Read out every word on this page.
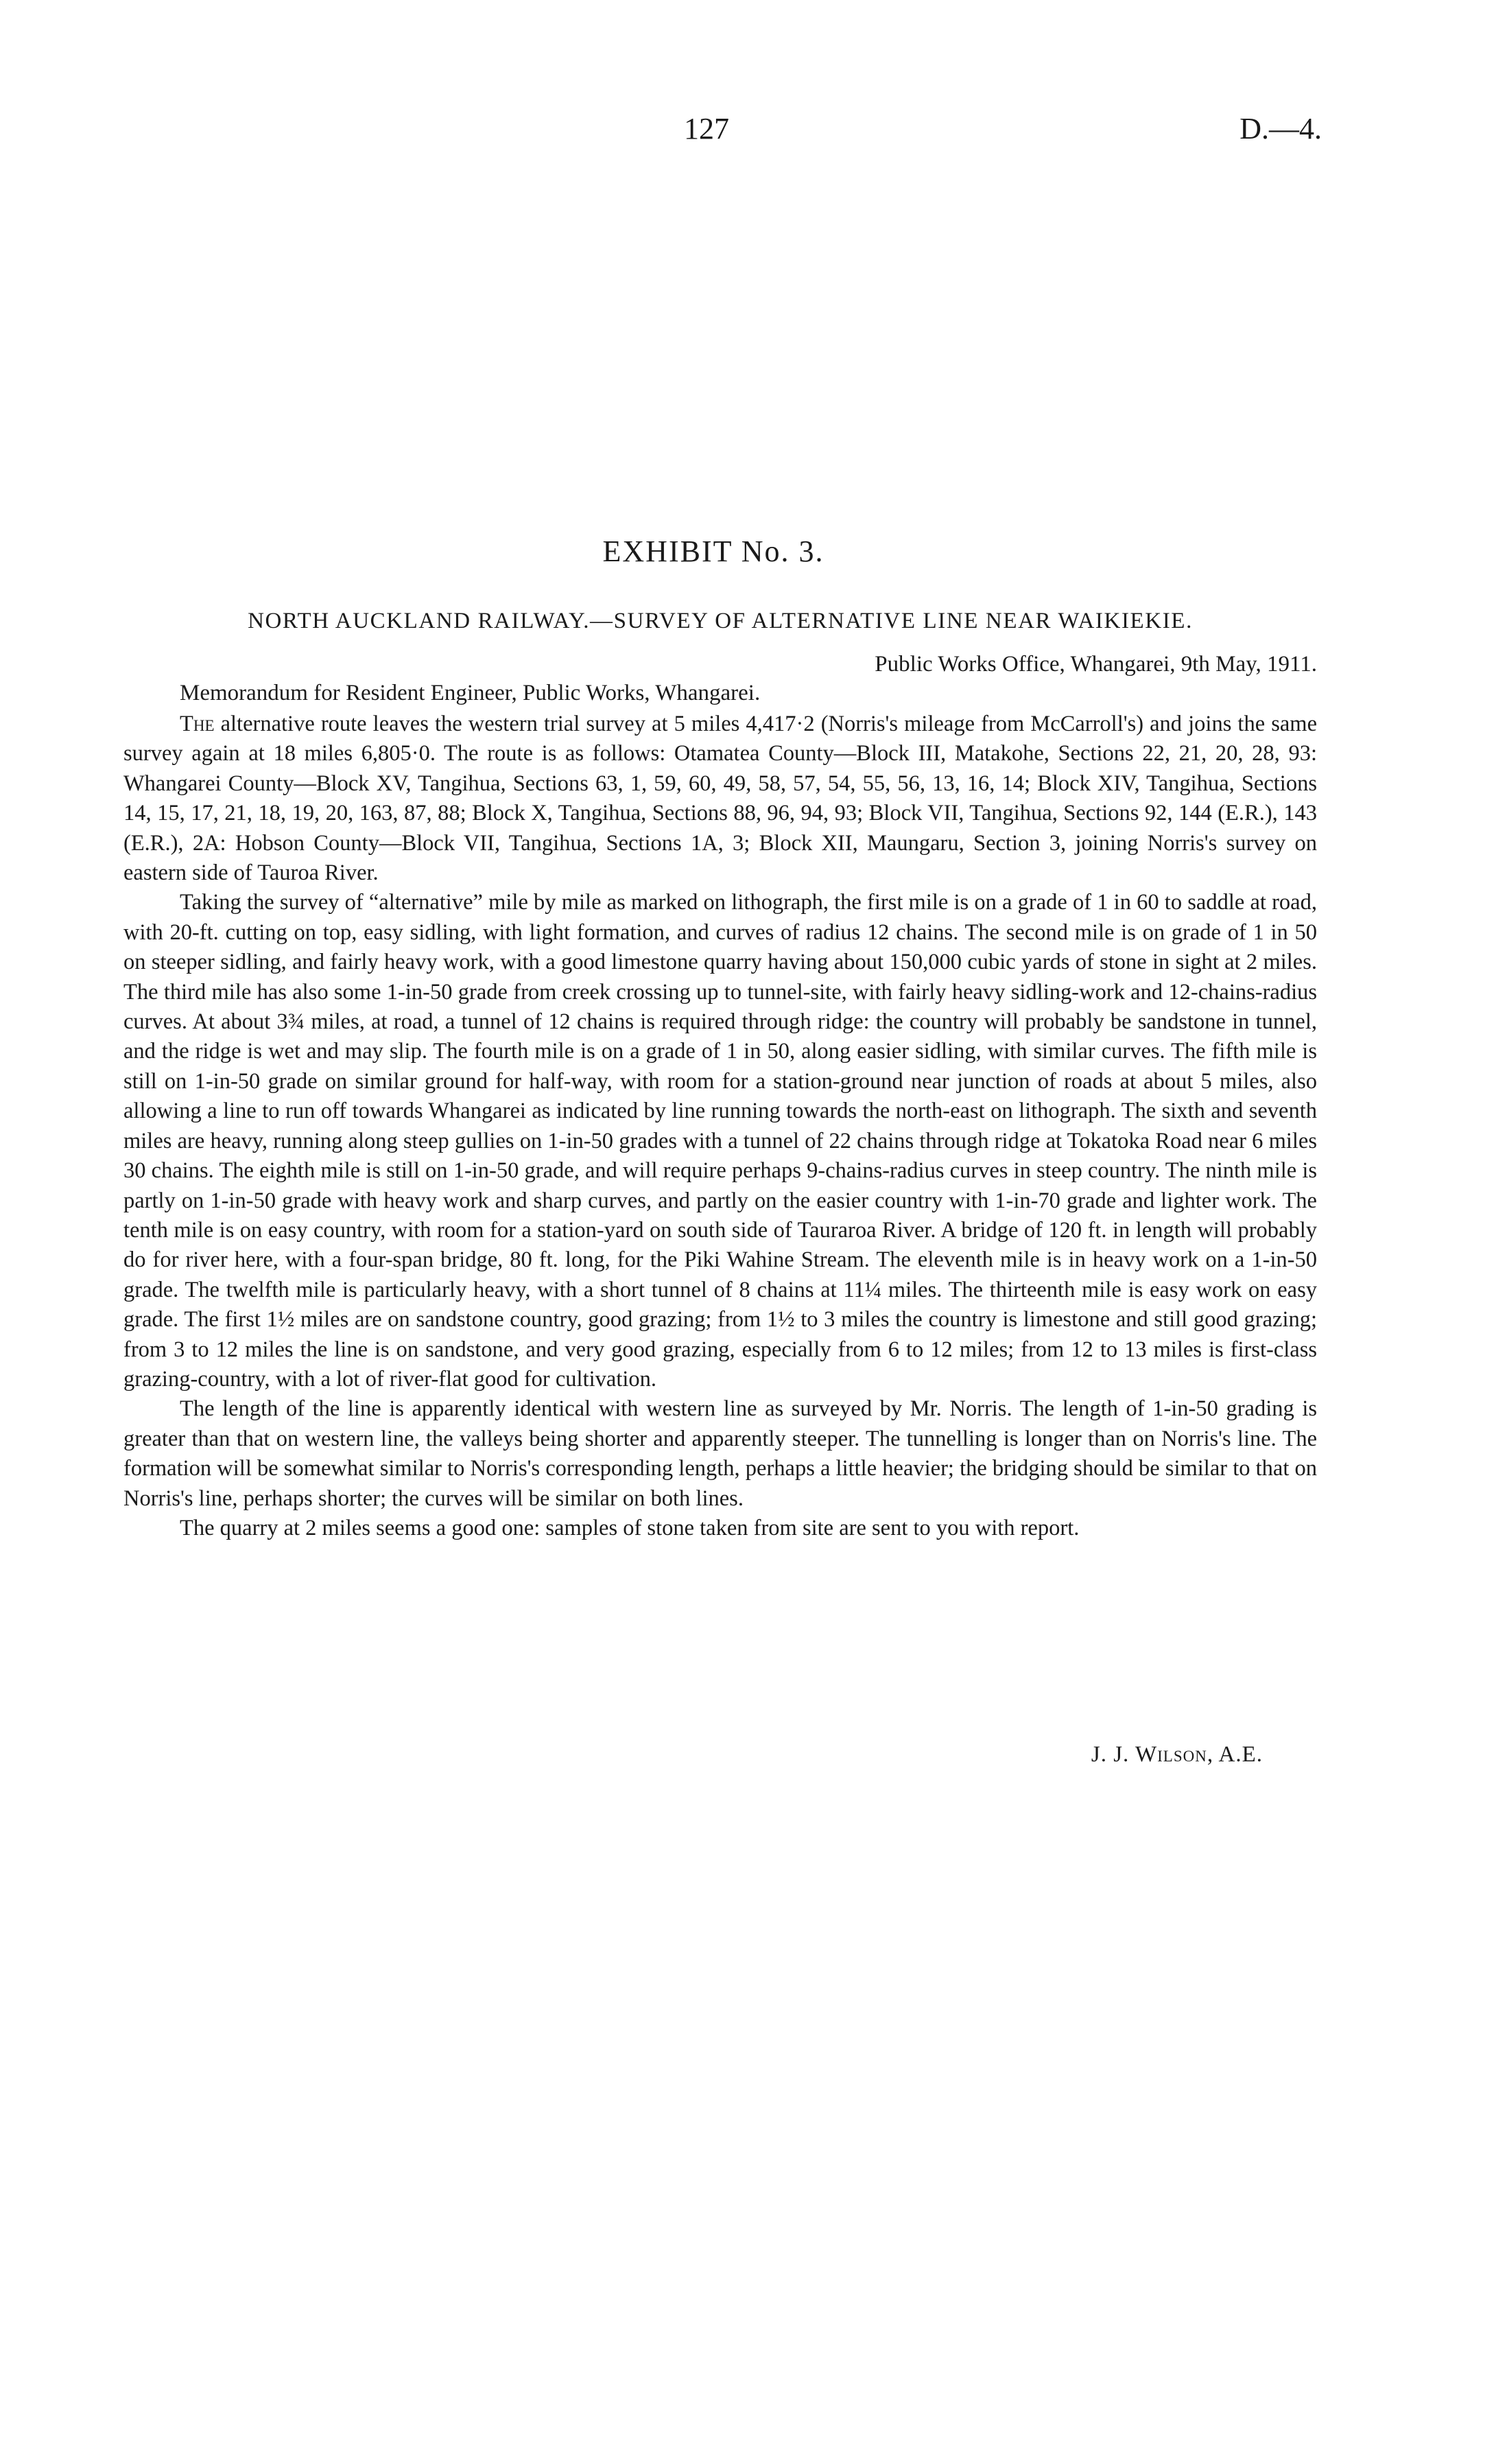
127	D.—4.
EXHIBIT No. 3.
NORTH AUCKLAND RAILWAY.—SURVEY OF ALTERNATIVE LINE NEAR WAIKIEKIE.
Public Works Office, Whangarei, 9th May, 1911.
Memorandum for Resident Engineer, Public Works, Whangarei.

The alternative route leaves the western trial survey at 5 miles 4,417·2 (Norris's mileage from McCarroll's) and joins the same survey again at 18 miles 6,805·0. The route is as follows: Otamatea County—Block III, Matakohe, Sections 22, 21, 20, 28, 93: Whangarei County—Block XV, Tangihua, Sections 63, 1, 59, 60, 49, 58, 57, 54, 55, 56, 13, 16, 14; Block XIV, Tangihua, Sections 14, 15, 17, 21, 18, 19, 20, 163, 87, 88; Block X, Tangihua, Sections 88, 96, 94, 93; Block VII, Tangihua, Sections 92, 144 (E.R.), 143 (E.R.), 2A: Hobson County—Block VII, Tangihua, Sections 1A, 3; Block XII, Maungaru, Section 3, joining Norris's survey on eastern side of Tauroa River.

Taking the survey of “alternative” mile by mile as marked on lithograph, the first mile is on a grade of 1 in 60 to saddle at road, with 20-ft. cutting on top, easy sidling, with light formation, and curves of radius 12 chains. The second mile is on grade of 1 in 50 on steeper sidling, and fairly heavy work, with a good limestone quarry having about 150,000 cubic yards of stone in sight at 2 miles. The third mile has also some 1-in-50 grade from creek crossing up to tunnel-site, with fairly heavy sidling-work and 12-chains-radius curves. At about 3¾ miles, at road, a tunnel of 12 chains is required through ridge: the country will probably be sandstone in tunnel, and the ridge is wet and may slip. The fourth mile is on a grade of 1 in 50, along easier sidling, with similar curves. The fifth mile is still on 1-in-50 grade on similar ground for half-way, with room for a station-ground near junction of roads at about 5 miles, also allowing a line to run off towards Whangarei as indicated by line running towards the north-east on lithograph. The sixth and seventh miles are heavy, running along steep gullies on 1-in-50 grades with a tunnel of 22 chains through ridge at Tokatoka Road near 6 miles 30 chains. The eighth mile is still on 1-in-50 grade, and will require perhaps 9-chains-radius curves in steep country. The ninth mile is partly on 1-in-50 grade with heavy work and sharp curves, and partly on the easier country with 1-in-70 grade and lighter work. The tenth mile is on easy country, with room for a station-yard on south side of Tauraroa River. A bridge of 120 ft. in length will probably do for river here, with a four-span bridge, 80 ft. long, for the Piki Wahine Stream. The eleventh mile is in heavy work on a 1-in-50 grade. The twelfth mile is particularly heavy, with a short tunnel of 8 chains at 11¼ miles. The thirteenth mile is easy work on easy grade. The first 1½ miles are on sandstone country, good grazing; from 1½ to 3 miles the country is limestone and still good grazing; from 3 to 12 miles the line is on sandstone, and very good grazing, especially from 6 to 12 miles; from 12 to 13 miles is first-class grazing-country, with a lot of river-flat good for cultivation.

The length of the line is apparently identical with western line as surveyed by Mr. Norris. The length of 1-in-50 grading is greater than that on western line, the valleys being shorter and apparently steeper. The tunnelling is longer than on Norris's line. The formation will be somewhat similar to Norris's corresponding length, perhaps a little heavier; the bridging should be similar to that on Norris's line, perhaps shorter; the curves will be similar on both lines.

The quarry at 2 miles seems a good one: samples of stone taken from site are sent to you with report.

J. J. Wilson, A.E.
